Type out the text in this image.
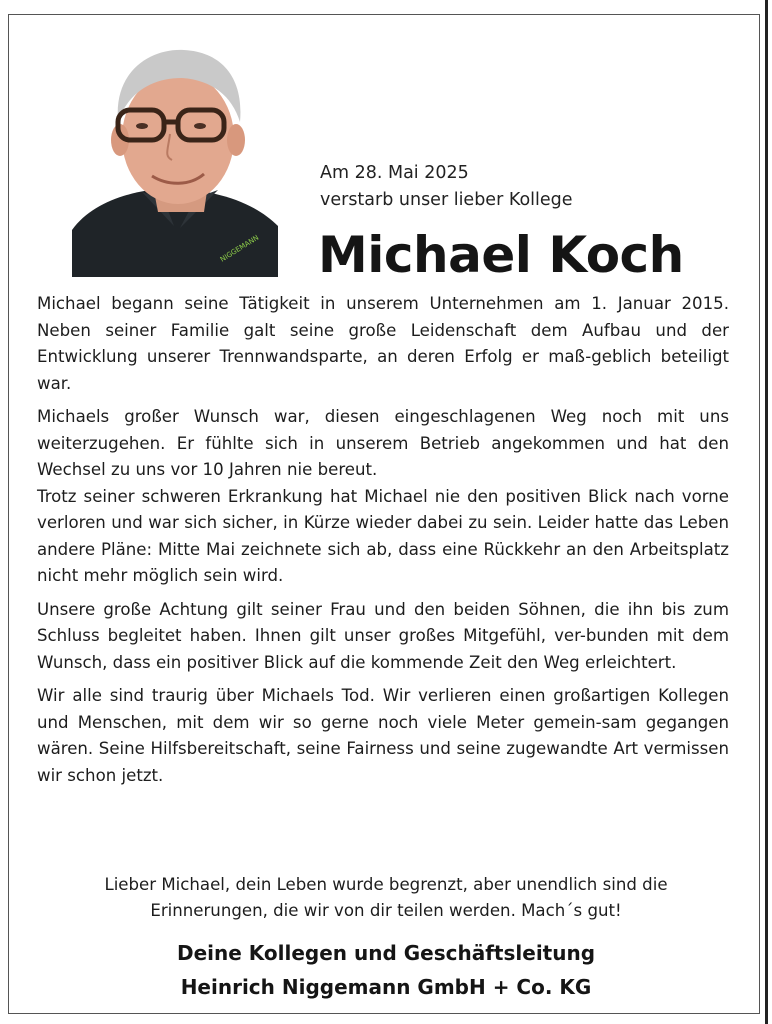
NIGGEMANN
Am 28. Mai 2025
verstarb unser lieber Kollege
Michael Koch

Michael begann seine Tätigkeit in unserem Unternehmen am 1. Januar 2015. Neben seiner Familie galt seine große Leidenschaft dem Aufbau und der Entwicklung unserer Trennwandsparte, an deren Erfolg er maß-geblich beteiligt war.

Michaels großer Wunsch war, diesen eingeschlagenen Weg noch mit uns weiterzugehen. Er fühlte sich in unserem Betrieb angekommen und hat den Wechsel zu uns vor 10 Jahren nie bereut.

Trotz seiner schweren Erkrankung hat Michael nie den positiven Blick nach vorne verloren und war sich sicher, in Kürze wieder dabei zu sein. Leider hatte das Leben andere Pläne: Mitte Mai zeichnete sich ab, dass eine Rückkehr an den Arbeitsplatz nicht mehr möglich sein wird.

Unsere große Achtung gilt seiner Frau und den beiden Söhnen, die ihn bis zum Schluss begleitet haben. Ihnen gilt unser großes Mitgefühl, ver-bunden mit dem Wunsch, dass ein positiver Blick auf die kommende Zeit den Weg erleichtert.

Wir alle sind traurig über Michaels Tod. Wir verlieren einen großartigen Kollegen und Menschen, mit dem wir so gerne noch viele Meter gemein-sam gegangen wären. Seine Hilfsbereitschaft, seine Fairness und seine zugewandte Art vermissen wir schon jetzt.

Lieber Michael, dein Leben wurde begrenzt, aber unendlich sind die
Erinnerungen, die wir von dir teilen werden. Mach´s gut!
Deine Kollegen und Geschäftsleitung
Heinrich Niggemann GmbH + Co. KG
